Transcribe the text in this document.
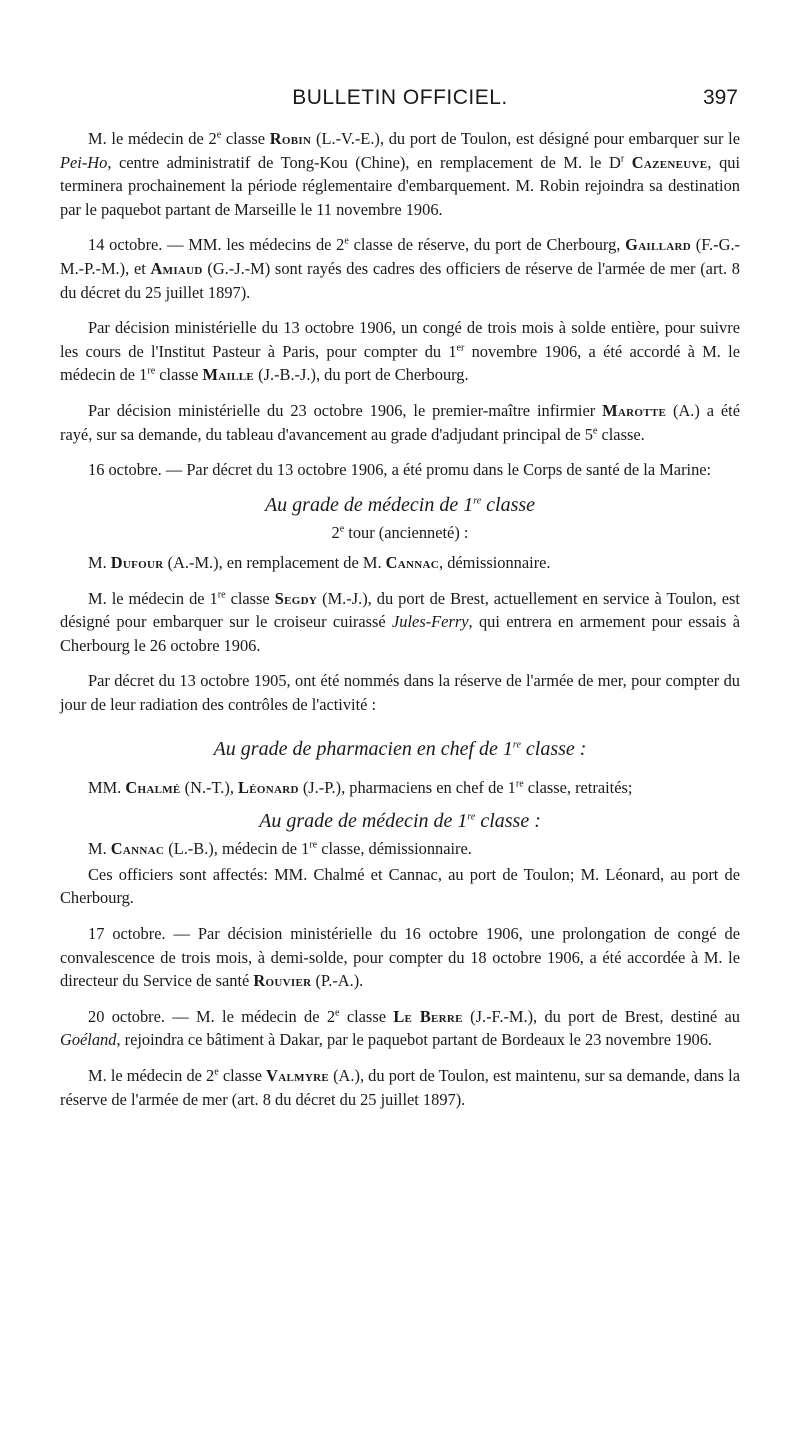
BULLETIN OFFICIEL.	397

M. le médecin de 2e classe Robin (L.-V.-E.), du port de Toulon, est désigné pour embarquer sur le Pei-Ho, centre administratif de Tong-Kou (Chine), en remplacement de M. le $D^r$ Cazeneuve, qui terminera prochainement la période réglementaire d'embarquement. M. Robin rejoindra sa destination par le paquebot partant de Marseille le 11 novembre 1906.

14 octobre. — MM. les médecins de 2e classe de réserve, du port de Cherbourg, Gaillard (F.-G.-M.-P.-M.), et Amiaud (G.-J.-M) sont rayés des cadres des officiers de réserve de l'armée de mer (art. 8 du décret du 25 juillet 1897).

Par décision ministérielle du 13 octobre 1906, un congé de trois mois à solde entière, pour suivre les cours de l'Institut Pasteur à Paris, pour compter du 1er novembre 1906, a été accordé à M. le médecin de 1re classe Maille (J.-B.-J.), du port de Cherbourg.

Par décision ministérielle du 23 octobre 1906, le premier-maître infirmier Marotte (A.) a été rayé, sur sa demande, du tableau d'avancement au grade d'adjudant principal de 5e classe.

16 octobre. — Par décret du 13 octobre 1906, a été promu dans le Corps de santé de la Marine:

Au grade de médecin de 1re classe

2e tour (ancienneté) :

M. Dufour (A.-M.), en remplacement de M. Cannac, démissionnaire.

M. le médecin de 1re classe Segdy (M.-J.), du port de Brest, actuellement en service à Toulon, est désigné pour embarquer sur le croiseur cuirassé Jules-Ferry, qui entrera en armement pour essais à Cherbourg le 26 octobre 1906.

Par décret du 13 octobre 1905, ont été nommés dans la réserve de l'armée de mer, pour compter du jour de leur radiation des contrôles de l'activité :

Au grade de pharmacien en chef de 1re classe :

MM. Chalmé (N.-T.), Léonard (J.-P.), pharmaciens en chef de 1re classe, retraités;

Au grade de médecin de 1re classe :

M. Cannac (L.-B.), médecin de 1re classe, démissionnaire.

Ces officiers sont affectés: MM. Chalmé et Cannac, au port de Toulon; M. Léonard, au port de Cherbourg.

17 octobre. — Par décision ministérielle du 16 octobre 1906, une prolongation de congé de convalescence de trois mois, à demi-solde, pour compter du 18 octobre 1906, a été accordée à M. le directeur du Service de santé Rouvier (P.-A.).

20 octobre. — M. le médecin de 2e classe Le Berre (J.-F.-M.), du port de Brest, destiné au Goéland, rejoindra ce bâtiment à Dakar, par le paquebot partant de Bordeaux le 23 novembre 1906.

M. le médecin de 2e classe Valmyre (A.), du port de Toulon, est maintenu, sur sa demande, dans la réserve de l'armée de mer (art. 8 du décret du 25 juillet 1897).
